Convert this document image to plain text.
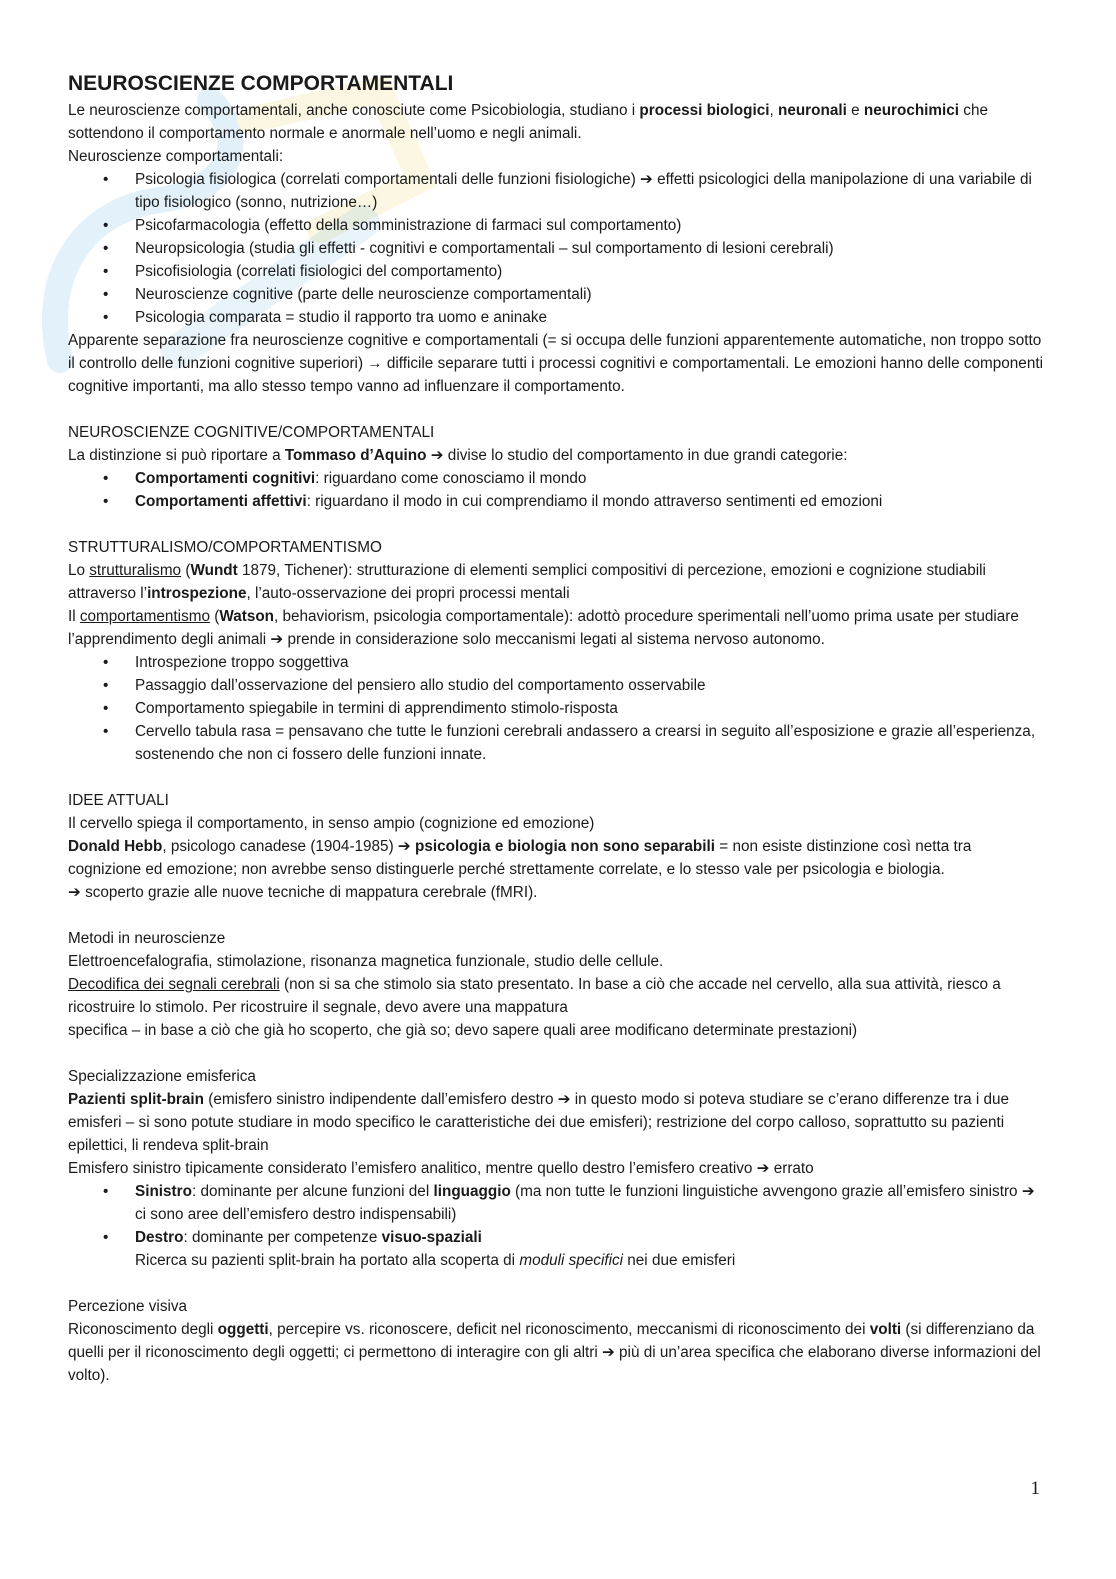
NEUROSCIENZE COMPORTAMENTALI

Le neuroscienze comportamentali, anche conosciute come Psicobiologia, studiano i processi biologici, neuronali e neurochimici che sottendono il comportamento normale e anormale nell’uomo e negli animali.

Neuroscienze comportamentali:

• Psicologia fisiologica (correlati comportamentali delle funzioni fisiologiche) ➔ effetti psicologici della manipolazione di una variabile di tipo fisiologico (sonno, nutrizione…)
• Psicofarmacologia (effetto della somministrazione di farmaci sul comportamento)
• Neuropsicologia (studia gli effetti - cognitivi e comportamentali – sul comportamento di lesioni cerebrali)
• Psicofisiologia (correlati fisiologici del comportamento)
• Neuroscienze cognitive (parte delle neuroscienze comportamentali)
• Psicologia comparata = studio il rapporto tra uomo e aninake

Apparente separazione fra neuroscienze cognitive e comportamentali (= si occupa delle funzioni apparentemente automatiche, non troppo sotto il controllo delle funzioni cognitive superiori) → difficile separare tutti i processi cognitivi e comportamentali. Le emozioni hanno delle componenti cognitive importanti, ma allo stesso tempo vanno ad influenzare il comportamento.

NEUROSCIENZE COGNITIVE/COMPORTAMENTALI

La distinzione si può riportare a Tommaso d’Aquino ➔ divise lo studio del comportamento in due grandi categorie:

• Comportamenti cognitivi: riguardano come conosciamo il mondo
• Comportamenti affettivi: riguardano il modo in cui comprendiamo il mondo attraverso sentimenti ed emozioni

STRUTTURALISMO/COMPORTAMENTISMO

Lo strutturalismo (Wundt 1879, Tichener): strutturazione di elementi semplici compositivi di percezione, emozioni e cognizione studiabili attraverso l’introspezione, l’auto-osservazione dei propri processi mentali

Il comportamentismo (Watson, behaviorism, psicologia comportamentale): adottò procedure sperimentali nell’uomo prima usate per studiare l’apprendimento degli animali ➔ prende in considerazione solo meccanismi legati al sistema nervoso autonomo.

• Introspezione troppo soggettiva
• Passaggio dall’osservazione del pensiero allo studio del comportamento osservabile
• Comportamento spiegabile in termini di apprendimento stimolo-risposta
• Cervello tabula rasa = pensavano che tutte le funzioni cerebrali andassero a crearsi in seguito all’esposizione e grazie all’esperienza, sostenendo che non ci fossero delle funzioni innate.

IDEE ATTUALI

Il cervello spiega il comportamento, in senso ampio (cognizione ed emozione)

Donald Hebb, psicologo canadese (1904-1985) ➔ psicologia e biologia non sono separabili = non esiste distinzione così netta tra cognizione ed emozione; non avrebbe senso distinguerle perché strettamente correlate, e lo stesso vale per psicologia e biologia.

➔ scoperto grazie alle nuove tecniche di mappatura cerebrale (fMRI).

Metodi in neuroscienze

Elettroencefalografia, stimolazione, risonanza magnetica funzionale, studio delle cellule.

Decodifica dei segnali cerebrali (non si sa che stimolo sia stato presentato. In base a ciò che accade nel cervello, alla sua attività, riesco a ricostruire lo stimolo. Per ricostruire il segnale, devo avere una mappatura

specifica – in base a ciò che già ho scoperto, che già so; devo sapere quali aree modificano determinate prestazioni)

Specializzazione emisferica

Pazienti split-brain (emisfero sinistro indipendente dall’emisfero destro ➔ in questo modo si poteva studiare se c’erano differenze tra i due emisferi – si sono potute studiare in modo specifico le caratteristiche dei due emisferi); restrizione del corpo calloso, soprattutto su pazienti epilettici, li rendeva split-brain

Emisfero sinistro tipicamente considerato l’emisfero analitico, mentre quello destro l’emisfero creativo ➔ errato

• Sinistro: dominante per alcune funzioni del linguaggio (ma non tutte le funzioni linguistiche avvengono grazie all’emisfero sinistro ➔ ci sono aree dell’emisfero destro indispensabili)
• Destro: dominante per competenze visuo-spaziali

Ricerca su pazienti split-brain ha portato alla scoperta di moduli specifici nei due emisferi

Percezione visiva

Riconoscimento degli oggetti, percepire vs. riconoscere, deficit nel riconoscimento, meccanismi di riconoscimento dei volti (si differenziano da quelli per il riconoscimento degli oggetti; ci permettono di interagire con gli altri ➔ più di un’area specifica che elaborano diverse informazioni del volto).

1
